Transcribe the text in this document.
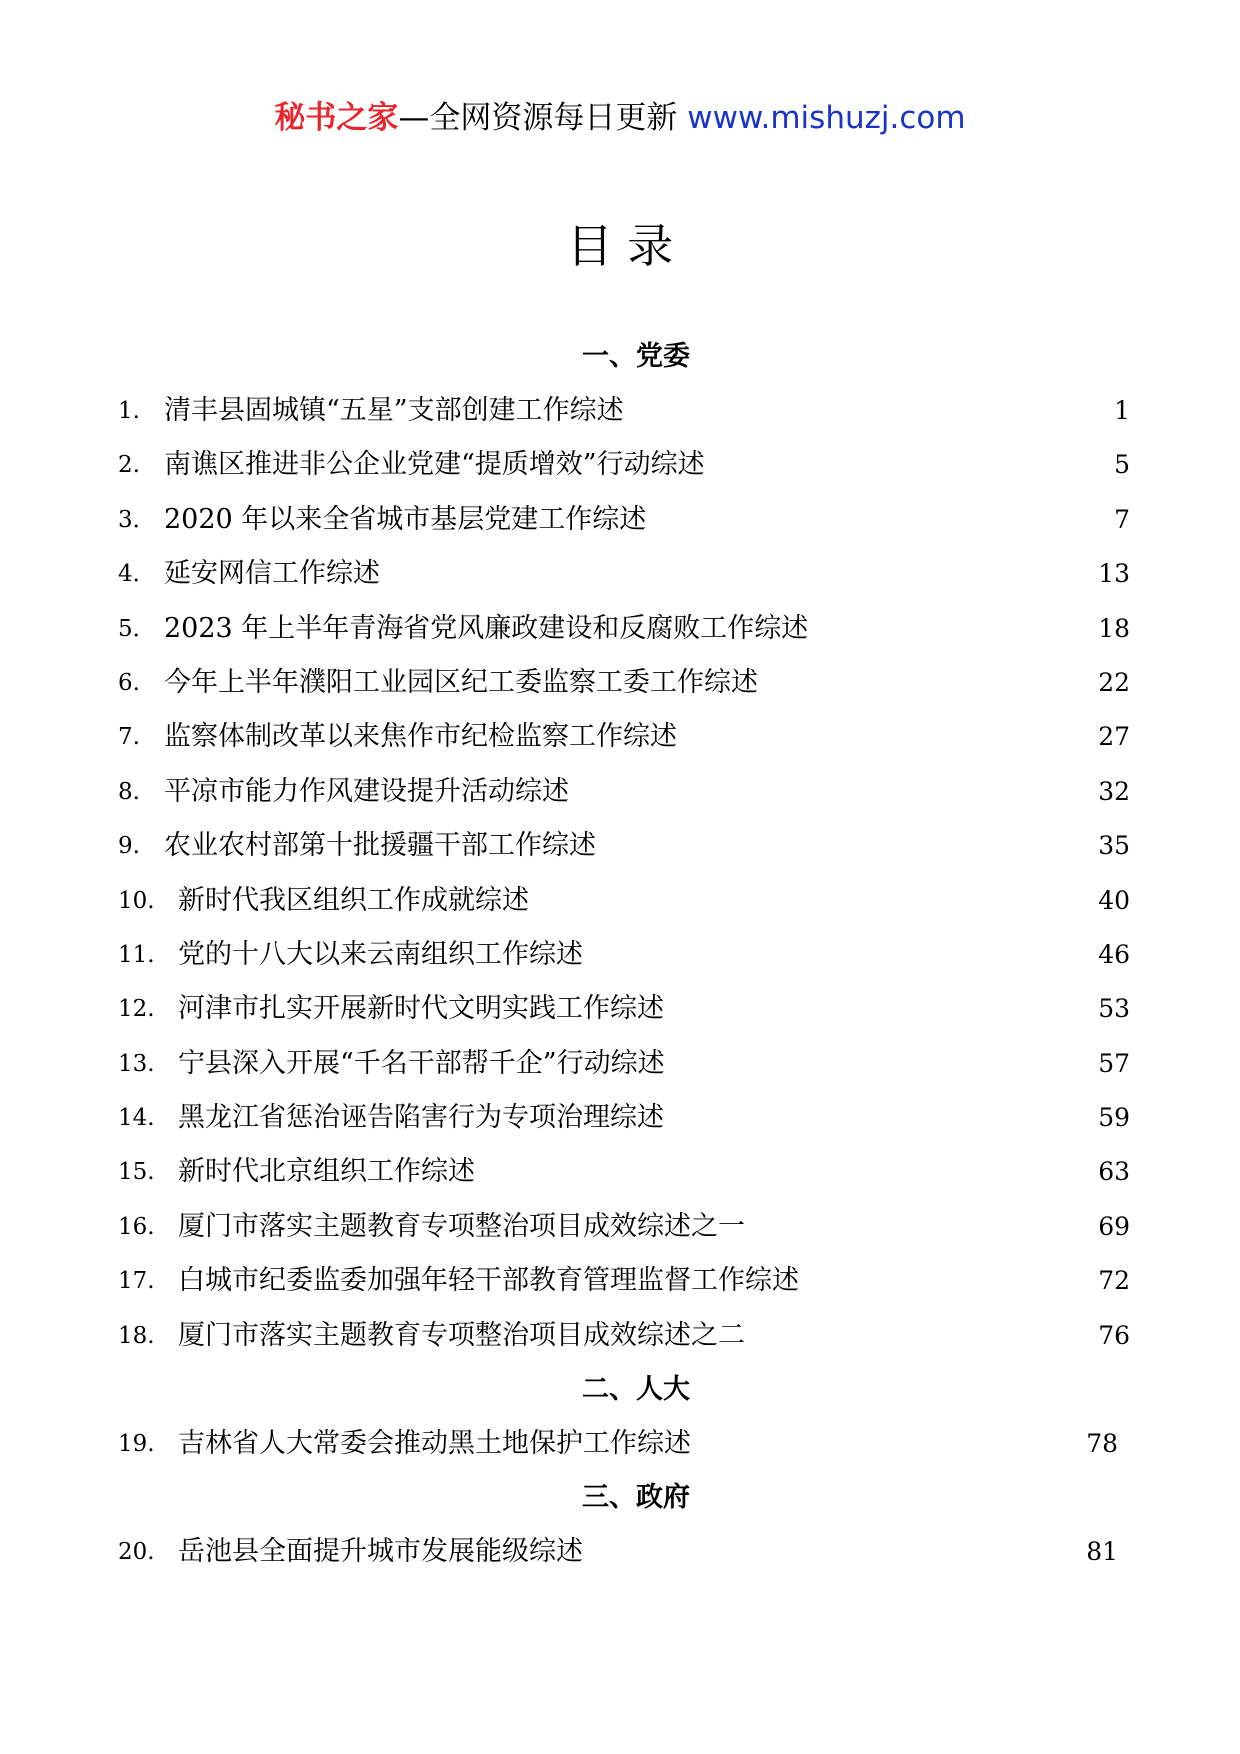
秘书之家—全网资源每日更新 www.mishuzj.com
目 录
一、党委
1. 清丰县固城镇“五星”支部创建工作综述	1
2. 南谯区推进非公企业党建“提质增效”行动综述	5
3． 2020 年以来全省城市基层党建工作综述	7
4． 延安网信工作综述	13
5． 2023 年上半年青海省党风廉政建设和反腐败工作综述	18
6. 今年上半年濮阳工业园区纪工委监察工委工作综述	22
7. 监察体制改革以来焦作市纪检监察工作综述	27
8. 平凉市能力作风建设提升活动综述	32
9. 农业农村部第十批援疆干部工作综述	35
10. 新时代我区组织工作成就综述	40
11. 党的十八大以来云南组织工作综述	46
12. 河津市扎实开展新时代文明实践工作综述	53
13. 宁县深入开展“千名干部帮千企”行动综述	57
14. 黑龙江省惩治诬告陷害行为专项治理综述	59
15. 新时代北京组织工作综述	63
16. 厦门市落实主题教育专项整治项目成效综述之一	69
17. 白城市纪委监委加强年轻干部教育管理监督工作综述	72
18. 厦门市落实主题教育专项整治项目成效综述之二	76
二、人大
19. 吉林省人大常委会推动黑土地保护工作综述	78
三、政府
20. 岳池县全面提升城市发展能级综述	81
